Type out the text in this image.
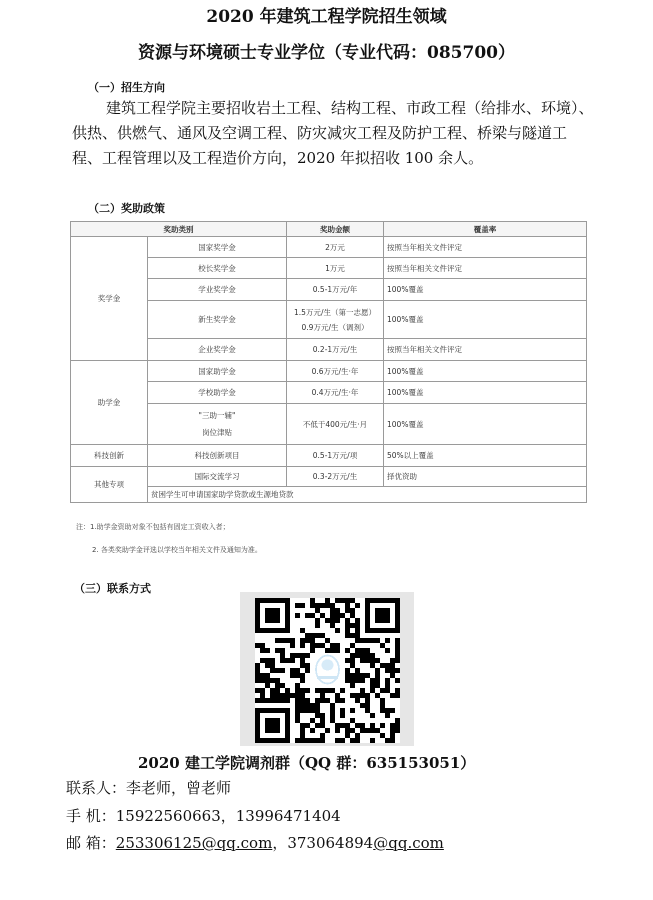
2020 年建筑工程学院招生领域
资源与环境硕士专业学位（专业代码：085700）
（一）招生方向
建筑工程学院主要招收岩土工程、结构工程、市政工程（给排水、环境）、供热、供燃气、通风及空调工程、防灾减灾工程及防护工程、桥梁与隧道工程、工程管理以及工程造价方向，2020 年拟招收 100 余人。
（二）奖助政策
奖助类别		奖助金额	覆盖率
奖学金	国家奖学金	2万元	按照当年相关文件评定
	校长奖学金	1万元	按照当年相关文件评定
	学业奖学金	0.5-1万元/年	100%覆盖
	新生奖学金	1.5万元/生（第一志愿）
0.9万元/生（调剂）	100%覆盖
	企业奖学金	0.2-1万元/生	按照当年相关文件评定
助学金	国家助学金	0.6万元/生·年	100%覆盖
	学校助学金	0.4万元/生·年	100%覆盖

	"三助一辅"
岗位津贴	不低于400元/生·月	100%覆盖
科技创新	科技创新项目	0.5-1万元/项	50%以上覆盖
其他专项	国际交流学习	0.3-2万元/生	择优资助
	贫困学生可申请国家助学贷款或生源地贷款		
注：1.助学金资助对象不包括有固定工资收入者；
2. 各类奖助学金评选以学校当年相关文件及通知为准。
（三）联系方式
2020 建工学院调剂群（QQ 群：635153051）
联系人：李老师，曾老师
手 机：15922560663，13996471404
邮 箱：253306125@qq.com，373064894@qq.com
